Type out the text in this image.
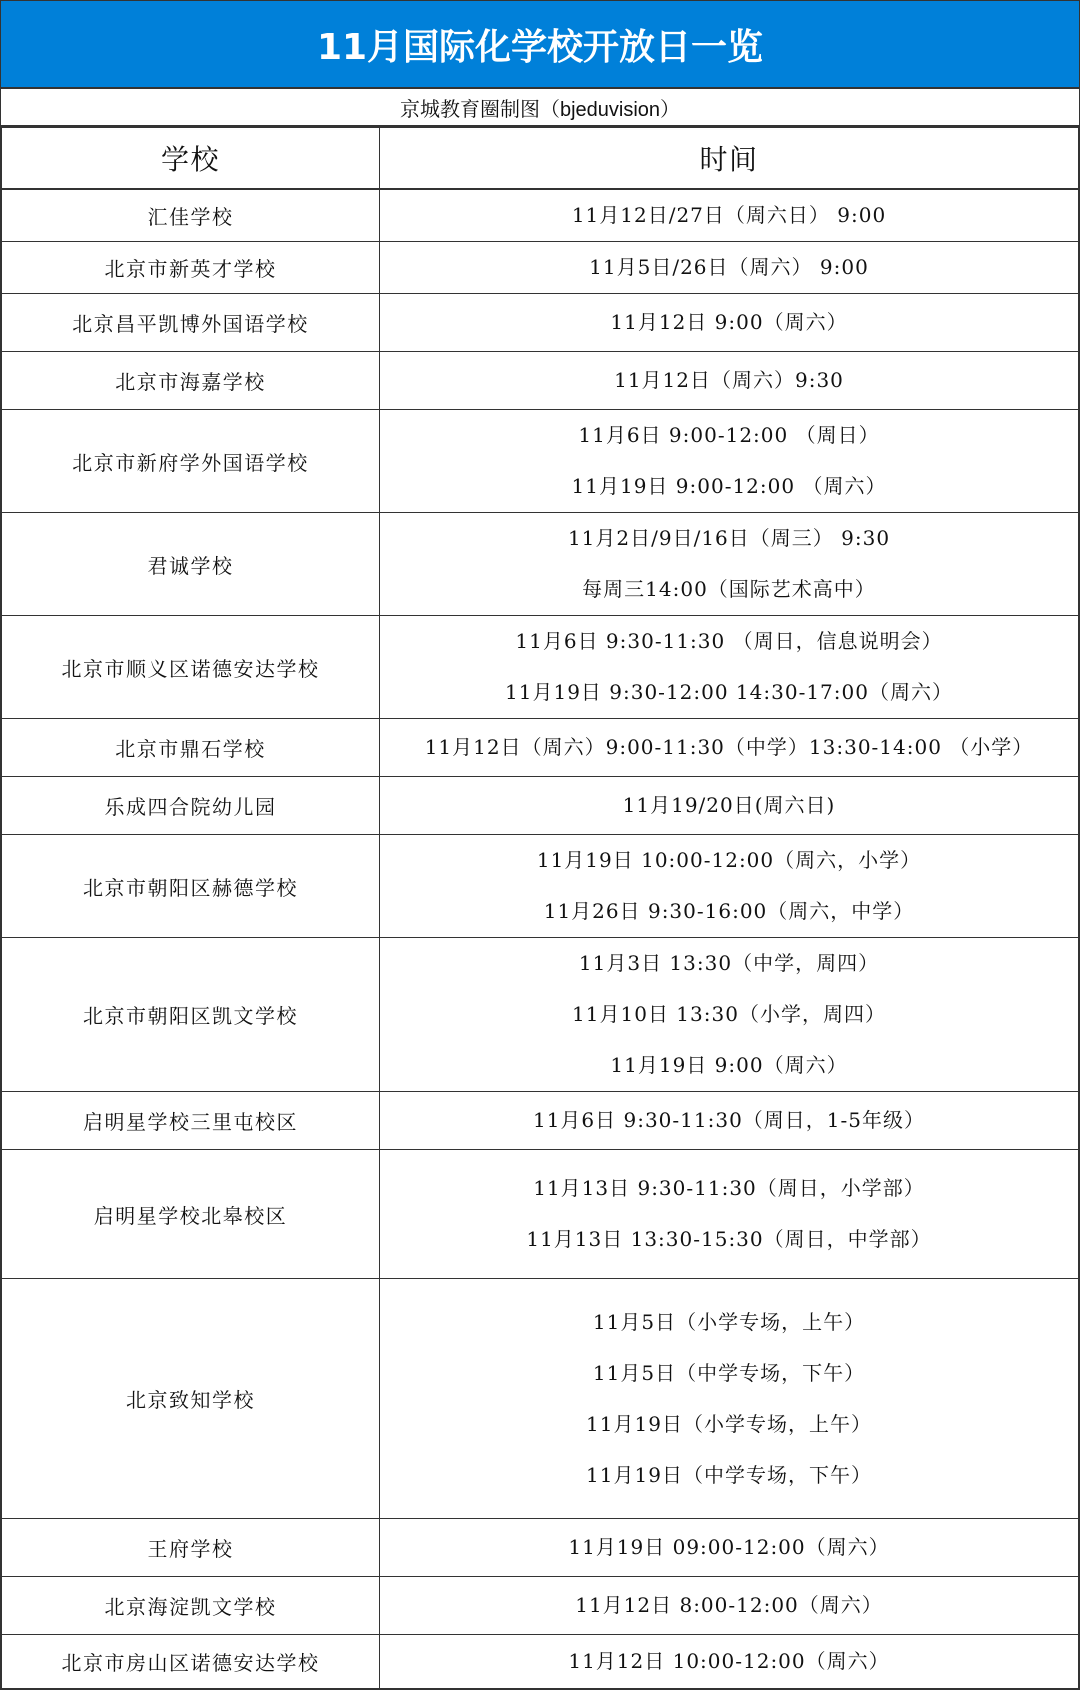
11月国际化学校开放日一览
京城教育圈制图（bjeduvision）
学校	时间
汇佳学校	11月12日/27日（周六日） 9:00

北京市新英才学校	11月5日/26日（周六） 9:00

北京昌平凯博外国语学校	11月12日 9:00（周六）

北京市海嘉学校	11月12日（周六）9:30

北京市新府学外国语学校	11月6日 9:00-12:00 （周日）
11月19日 9:00-12:00 （周六）

君诚学校	11月2日/9日/16日（周三） 9:30
每周三14:00（国际艺术高中）

北京市顺义区诺德安达学校	11月6日 9:30-11:30 （周日，信息说明会）
11月19日 9:30-12:00 14:30-17:00（周六）

北京市鼎石学校	11月12日（周六）9:00-11:30（中学）13:30-14:00 （小学）

乐成四合院幼儿园	11月19/20日(周六日)

北京市朝阳区赫德学校	11月19日 10:00-12:00（周六，小学）
11月26日 9:30-16:00（周六，中学）

北京市朝阳区凯文学校	11月3日 13:30（中学，周四）
11月10日 13:30（小学，周四）
11月19日 9:00（周六）

启明星学校三里屯校区	11月6日 9:30-11:30（周日，1-5年级）

启明星学校北皋校区	11月13日 9:30-11:30（周日，小学部）
11月13日 13:30-15:30（周日，中学部）

北京致知学校	11月5日（小学专场，上午）
11月5日（中学专场，下午）
11月19日（小学专场，上午）
11月19日（中学专场，下午）

王府学校	11月19日 09:00-12:00（周六）

北京海淀凯文学校	11月12日 8:00-12:00（周六）

北京市房山区诺德安达学校	11月12日 10:00-12:00（周六）
